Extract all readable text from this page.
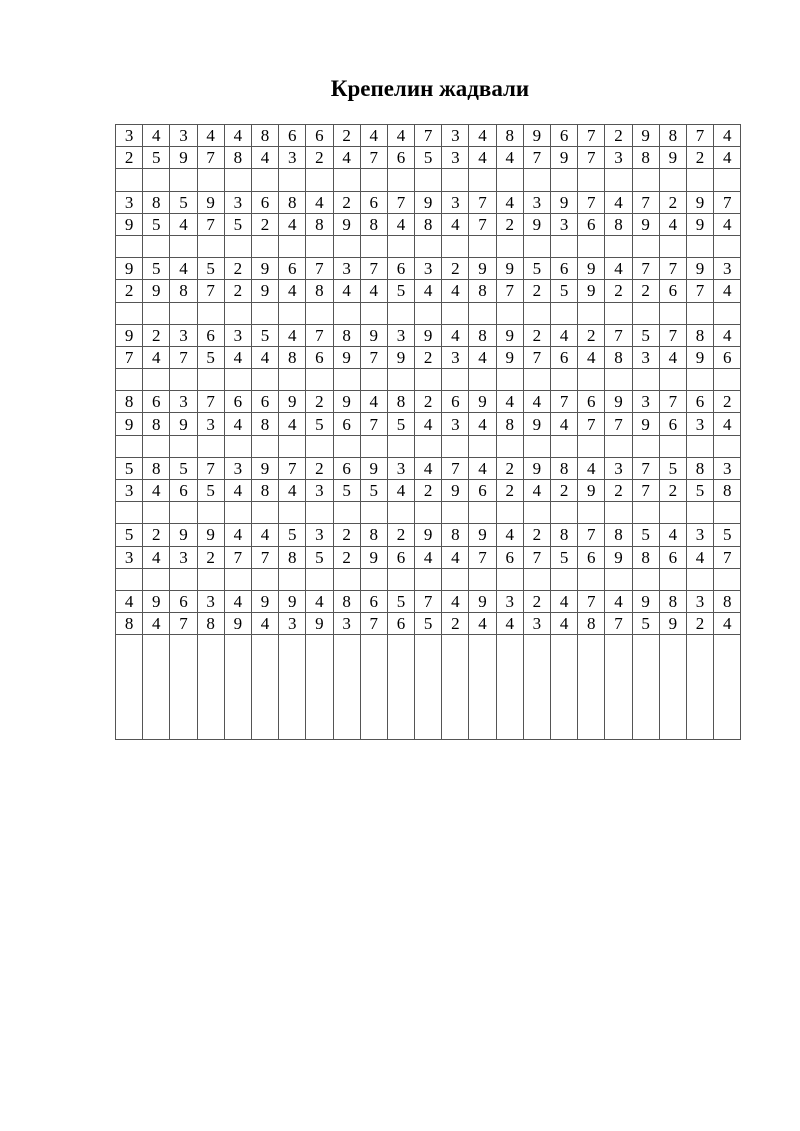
Крепелин жадвали
3	4	3	4	4	8	6	6	2	4	4	7	3	4	8	9	6	7	2	9	8	7	4
2	5	9	7	8	4	3	2	4	7	6	5	3	4	4	7	9	7	3	8	9	2	4

3	8	5	9	3	6	8	4	2	6	7	9	3	7	4	3	9	7	4	7	2	9	7
9	5	4	7	5	2	4	8	9	8	4	8	4	7	2	9	3	6	8	9	4	9	4

9	5	4	5	2	9	6	7	3	7	6	3	2	9	9	5	6	9	4	7	7	9	3
2	9	8	7	2	9	4	8	4	4	5	4	4	8	7	2	5	9	2	2	6	7	4

9	2	3	6	3	5	4	7	8	9	3	9	4	8	9	2	4	2	7	5	7	8	4
7	4	7	5	4	4	8	6	9	7	9	2	3	4	9	7	6	4	8	3	4	9	6

8	6	3	7	6	6	9	2	9	4	8	2	6	9	4	4	7	6	9	3	7	6	2
9	8	9	3	4	8	4	5	6	7	5	4	3	4	8	9	4	7	7	9	6	3	4

5	8	5	7	3	9	7	2	6	9	3	4	7	4	2	9	8	4	3	7	5	8	3
3	4	6	5	4	8	4	3	5	5	4	2	9	6	2	4	2	9	2	7	2	5	8

5	2	9	9	4	4	5	3	2	8	2	9	8	9	4	2	8	7	8	5	4	3	5
3	4	3	2	7	7	8	5	2	9	6	4	4	7	6	7	5	6	9	8	6	4	7

4	9	6	3	4	9	9	4	8	6	5	7	4	9	3	2	4	7	4	9	8	3	8
8	4	7	8	9	4	3	9	3	7	6	5	2	4	4	3	4	8	7	5	9	2	4
